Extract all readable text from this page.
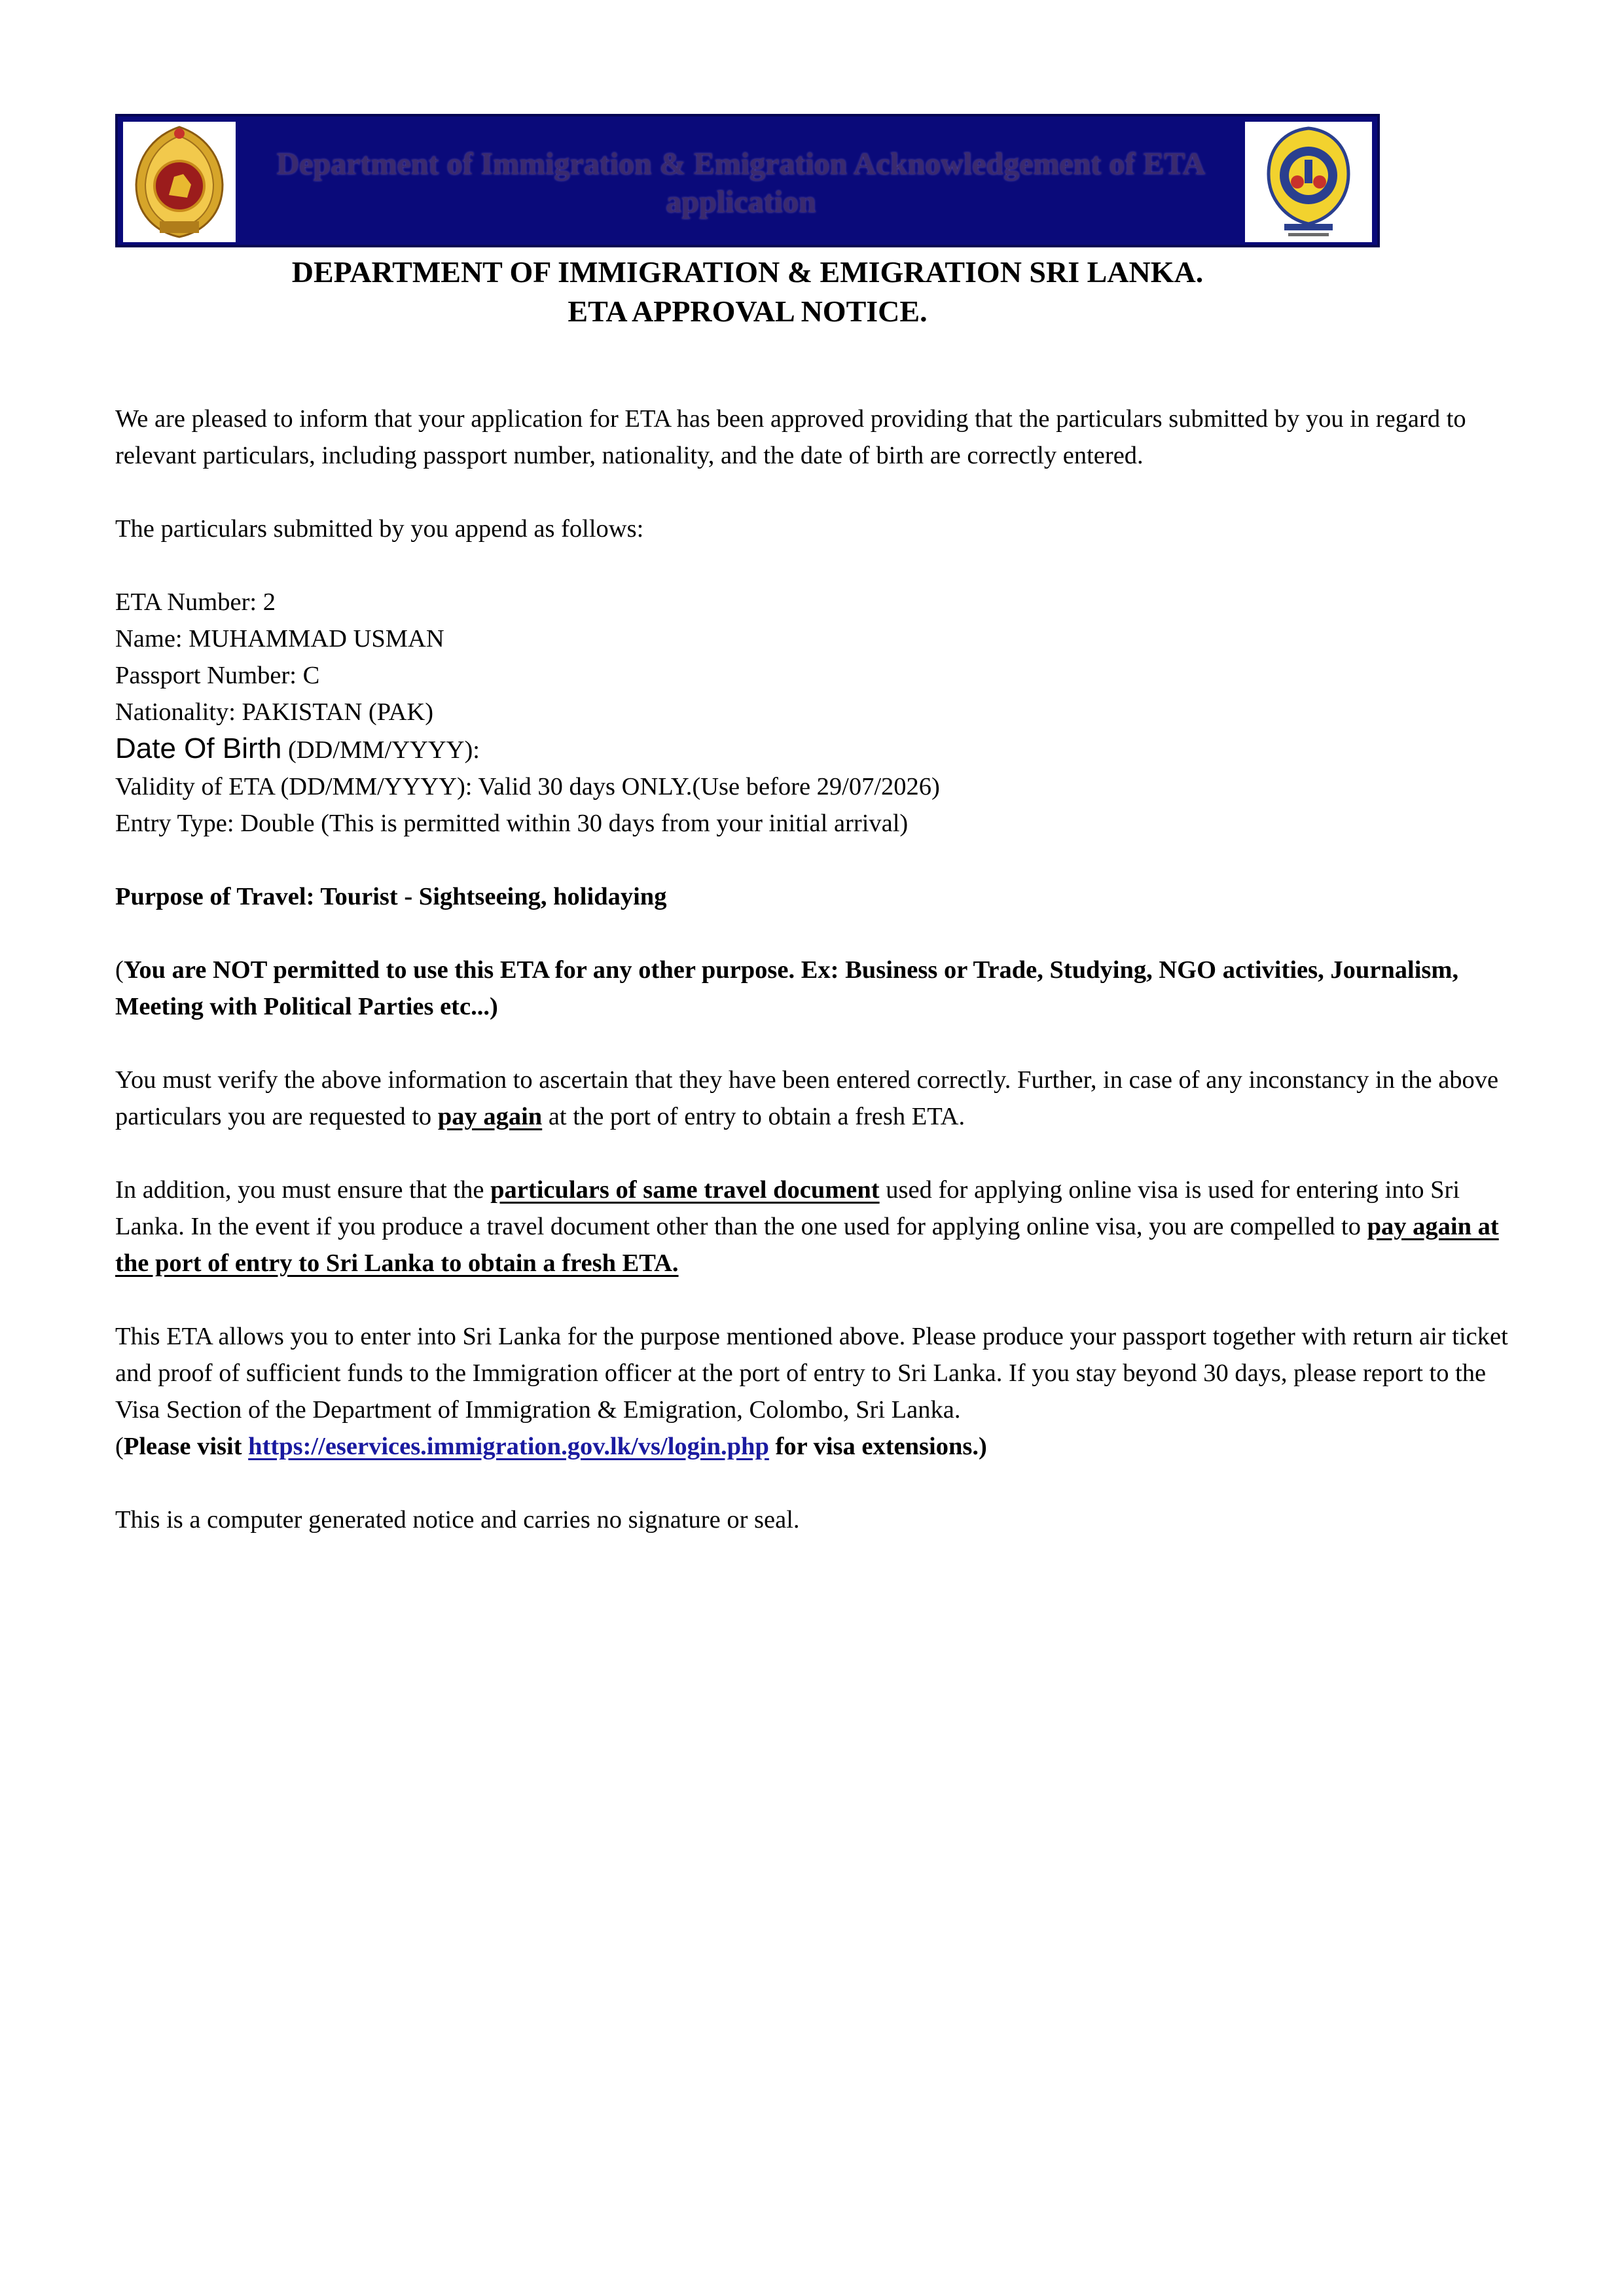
Department of Immigration & Emigration Acknowledgement of ETA application
DEPARTMENT OF IMMIGRATION & EMIGRATION SRI LANKA.
ETA APPROVAL NOTICE.

We are pleased to inform that your application for ETA has been approved providing that the particulars submitted by you in regard to relevant particulars, including passport number, nationality, and the date of birth are correctly entered.

The particulars submitted by you append as follows:

ETA Number: 2
Name: MUHAMMAD USMAN
Passport Number: C
Nationality: PAKISTAN (PAK)
Date Of Birth (DD/MM/YYYY):
Validity of ETA (DD/MM/YYYY): Valid 30 days ONLY.(Use before 29/07/2026)
Entry Type: Double (This is permitted within 30 days from your initial arrival)

Purpose of Travel: Tourist - Sightseeing, holidaying

(You are NOT permitted to use this ETA for any other purpose. Ex: Business or Trade, Studying, NGO activities, Journalism, Meeting with Political Parties etc...)

You must verify the above information to ascertain that they have been entered correctly. Further, in case of any inconstancy in the above particulars you are requested to pay again at the port of entry to obtain a fresh ETA.

In addition, you must ensure that the particulars of same travel document used for applying online visa is used for entering into Sri Lanka. In the event if you produce a travel document other than the one used for applying online visa, you are compelled to pay again at the port of entry to Sri Lanka to obtain a fresh ETA.

This ETA allows you to enter into Sri Lanka for the purpose mentioned above. Please produce your passport together with return air ticket and proof of sufficient funds to the Immigration officer at the port of entry to Sri Lanka. If you stay beyond 30 days, please report to the Visa Section of the Department of Immigration & Emigration, Colombo, Sri Lanka.
(Please visit https://eservices.immigration.gov.lk/vs/login.php for visa extensions.)

This is a computer generated notice and carries no signature or seal.
